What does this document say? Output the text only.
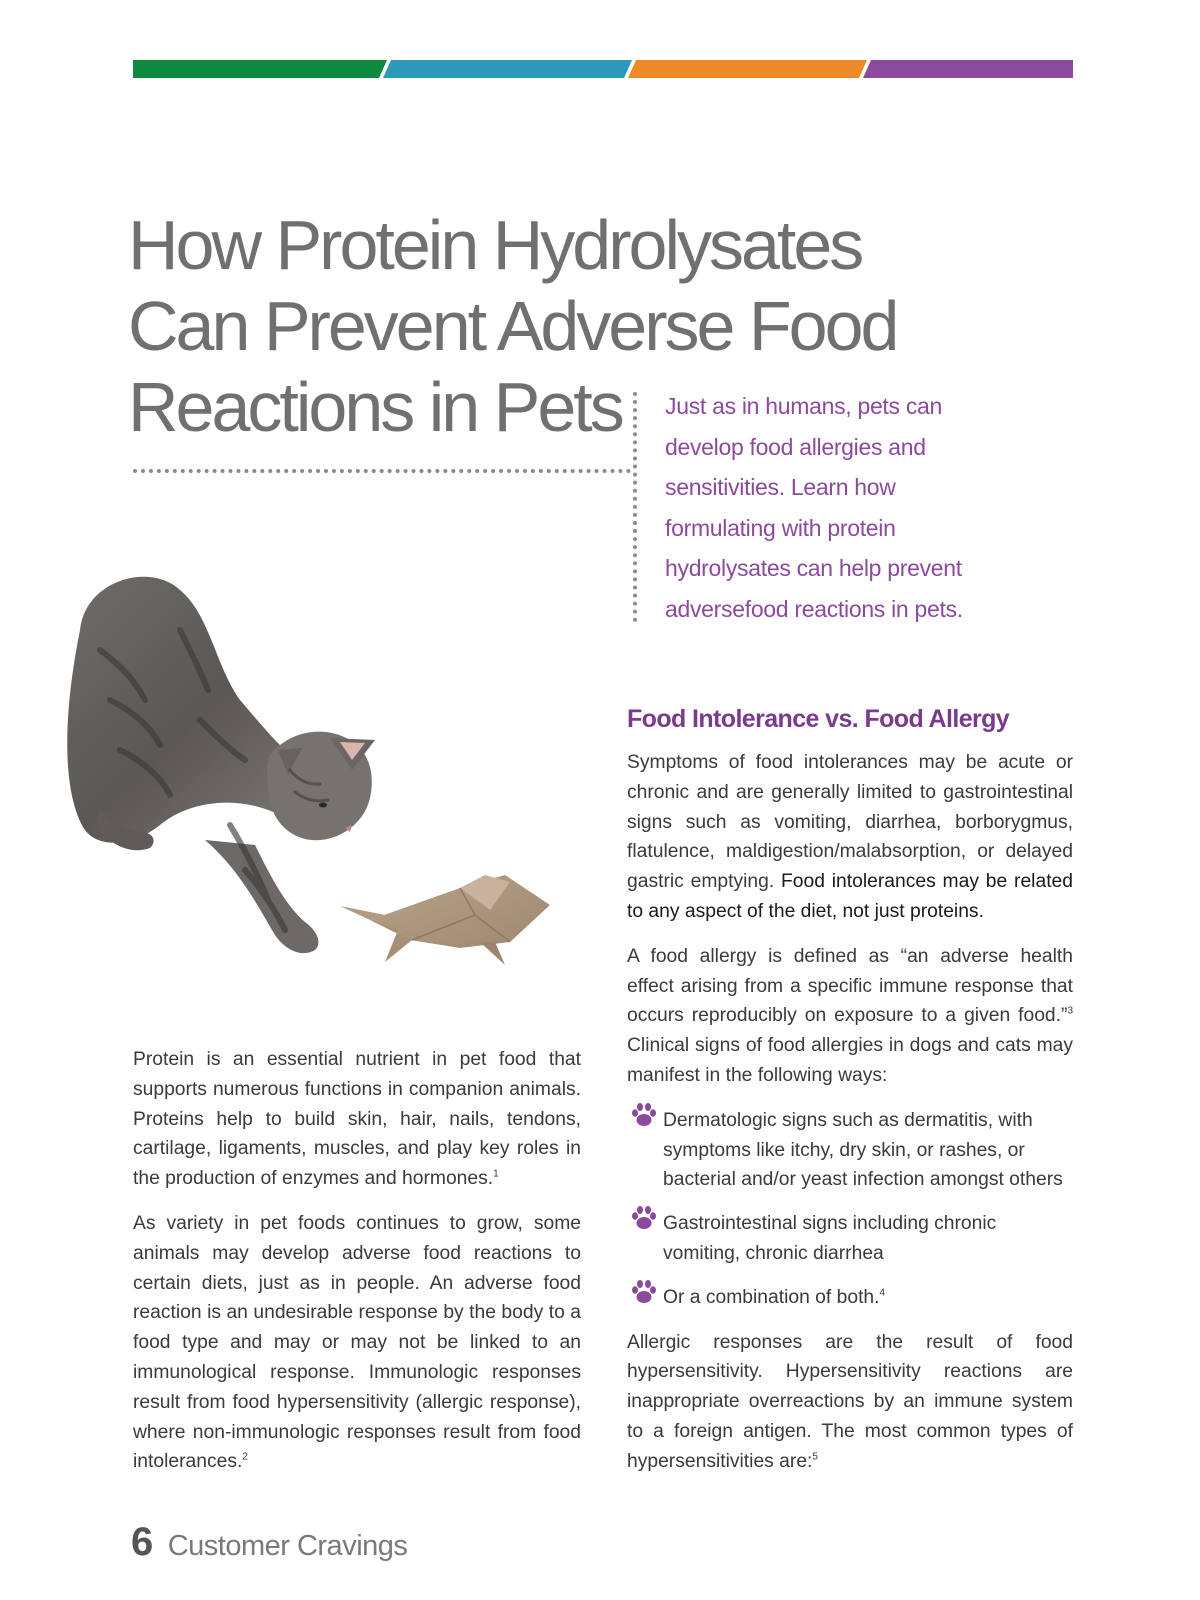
How Protein Hydrolysates
Can Prevent Adverse Food
Reactions in Pets	Just as in humans, pets can develop food allergies and sensitivities. Learn how formulating with protein hydrolysates can help prevent adversefood reactions in pets.

Protein is an essential nutrient in pet food that supports numerous functions in companion animals. Proteins help to build skin, hair, nails, tendons, cartilage, ligaments, muscles, and play key roles in the production of enzymes and hormones.$^1$

As variety in pet foods continues to grow, some animals may develop adverse food reactions to certain diets, just as in people. An adverse food reaction is an undesirable response by the body to a food type and may or may not be linked to an immunological response. Immunologic responses result from food hypersensitivity (allergic response), where non-immunologic responses result from food intolerances.$^2$

Food Intolerance vs. Food Allergy

Symptoms of food intolerances may be acute or chronic and are generally limited to gastrointestinal signs such as vomiting, diarrhea, borborygmus, flatulence, maldigestion/malabsorption, or delayed gastric emptying. Food intolerances may be related to any aspect of the diet, not just proteins.

A food allergy is defined as “an adverse health effect arising from a specific immune response that occurs reproducibly on exposure to a given food.”$^3$ Clinical signs of food allergies in dogs and cats may manifest in the following ways:

Dermatologic signs such as dermatitis, with symptoms like itchy, dry skin, or rashes, or bacterial and/or yeast infection amongst others
Gastrointestinal signs including chronic vomiting, chronic diarrhea
Or a combination of both.$^4$

Allergic responses are the result of food hypersensitivity. Hypersensitivity reactions are inappropriate overreactions by an immune system to a foreign antigen. The most common types of hypersensitivities are:$^5$

6 Customer Cravings
